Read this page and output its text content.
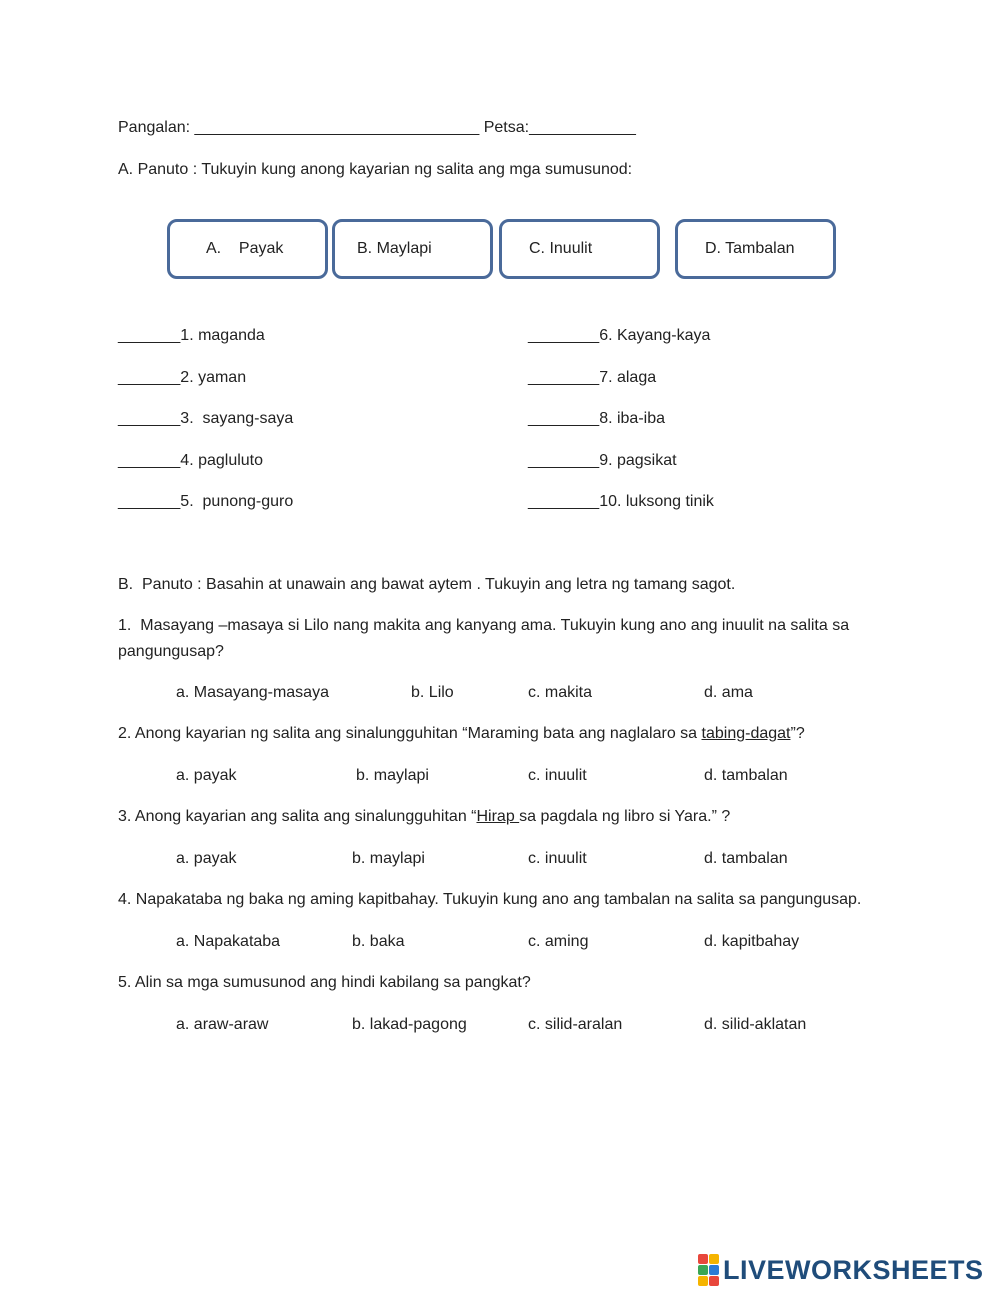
Pangalan: ________________________________ Petsa:____________
A. Panuto : Tukuyin kung anong kayarian ng salita ang mga sumusunod:
A.    Payak	B. Maylapi	C. Inuulit	D. Tambalan
_______1. maganda
_______2. yaman
_______3.  sayang-saya
_______4. pagluluto
_______5.  punong-guro
________6. Kayang-kaya
________7. alaga
________8. iba-iba
________9. pagsikat
________10. luksong tinik
B.  Panuto : Basahin at unawain ang bawat aytem . Tukuyin ang letra ng tamang sagot.
1.  Masayang –masaya si Lilo nang makita ang kanyang ama. Tukuyin kung ano ang inuulit na salita sa
pangungusap?
a. Masayang-masaya	b. Lilo	c. makita	d. ama
2. Anong kayarian ng salita ang sinalungguhitan “Maraming bata ang naglalaro sa tabing-dagat”?
a. payak	b. maylapi	c. inuulit	d. tambalan
3. Anong kayarian ang salita ang sinalungguhitan “Hirap sa pagdala ng libro si Yara.” ?
a. payak	b. maylapi	c. inuulit	d. tambalan
4. Napakataba ng baka ng aming kapitbahay. Tukuyin kung ano ang tambalan na salita sa pangungusap.
a. Napakataba	b. baka	c. aming	d. kapitbahay
5. Alin sa mga sumusunod ang hindi kabilang sa pangkat?
a. araw-araw	b. lakad-pagong	c. silid-aralan	d. silid-aklatan
LIVEWORKSHEETS
